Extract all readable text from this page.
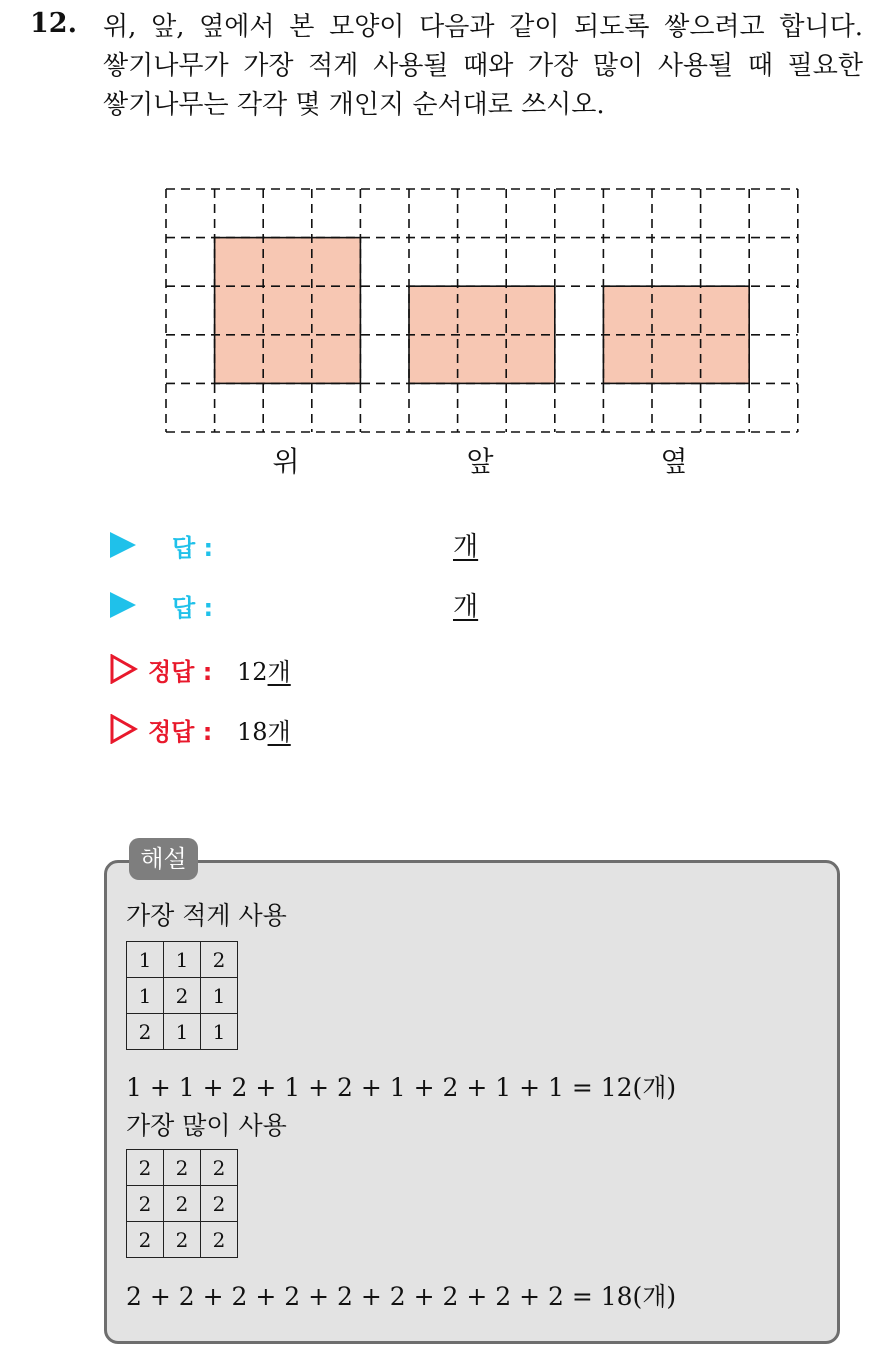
12. 위, 앞, 옆에서 본 모양이 다음과 같이 되도록 쌓으려고 합니다.
쌓기나무가 가장 적게 사용될 때와 가장 많이 사용될 때 필요한
쌓기나무는 각각 몇 개인지 순서대로 쓰시오.

위	앞	옆
답 :	개
답 :	개
정답 : 12개
정답 : 18개
해설
가장 적게 사용
1	1	2
1	2	1
2	1	1
1 + 1 + 2 + 1 + 2 + 1 + 2 + 1 + 1 = 12(개)
가장 많이 사용
2	2	2
2	2	2
2	2	2
2 + 2 + 2 + 2 + 2 + 2 + 2 + 2 + 2 = 18(개)
